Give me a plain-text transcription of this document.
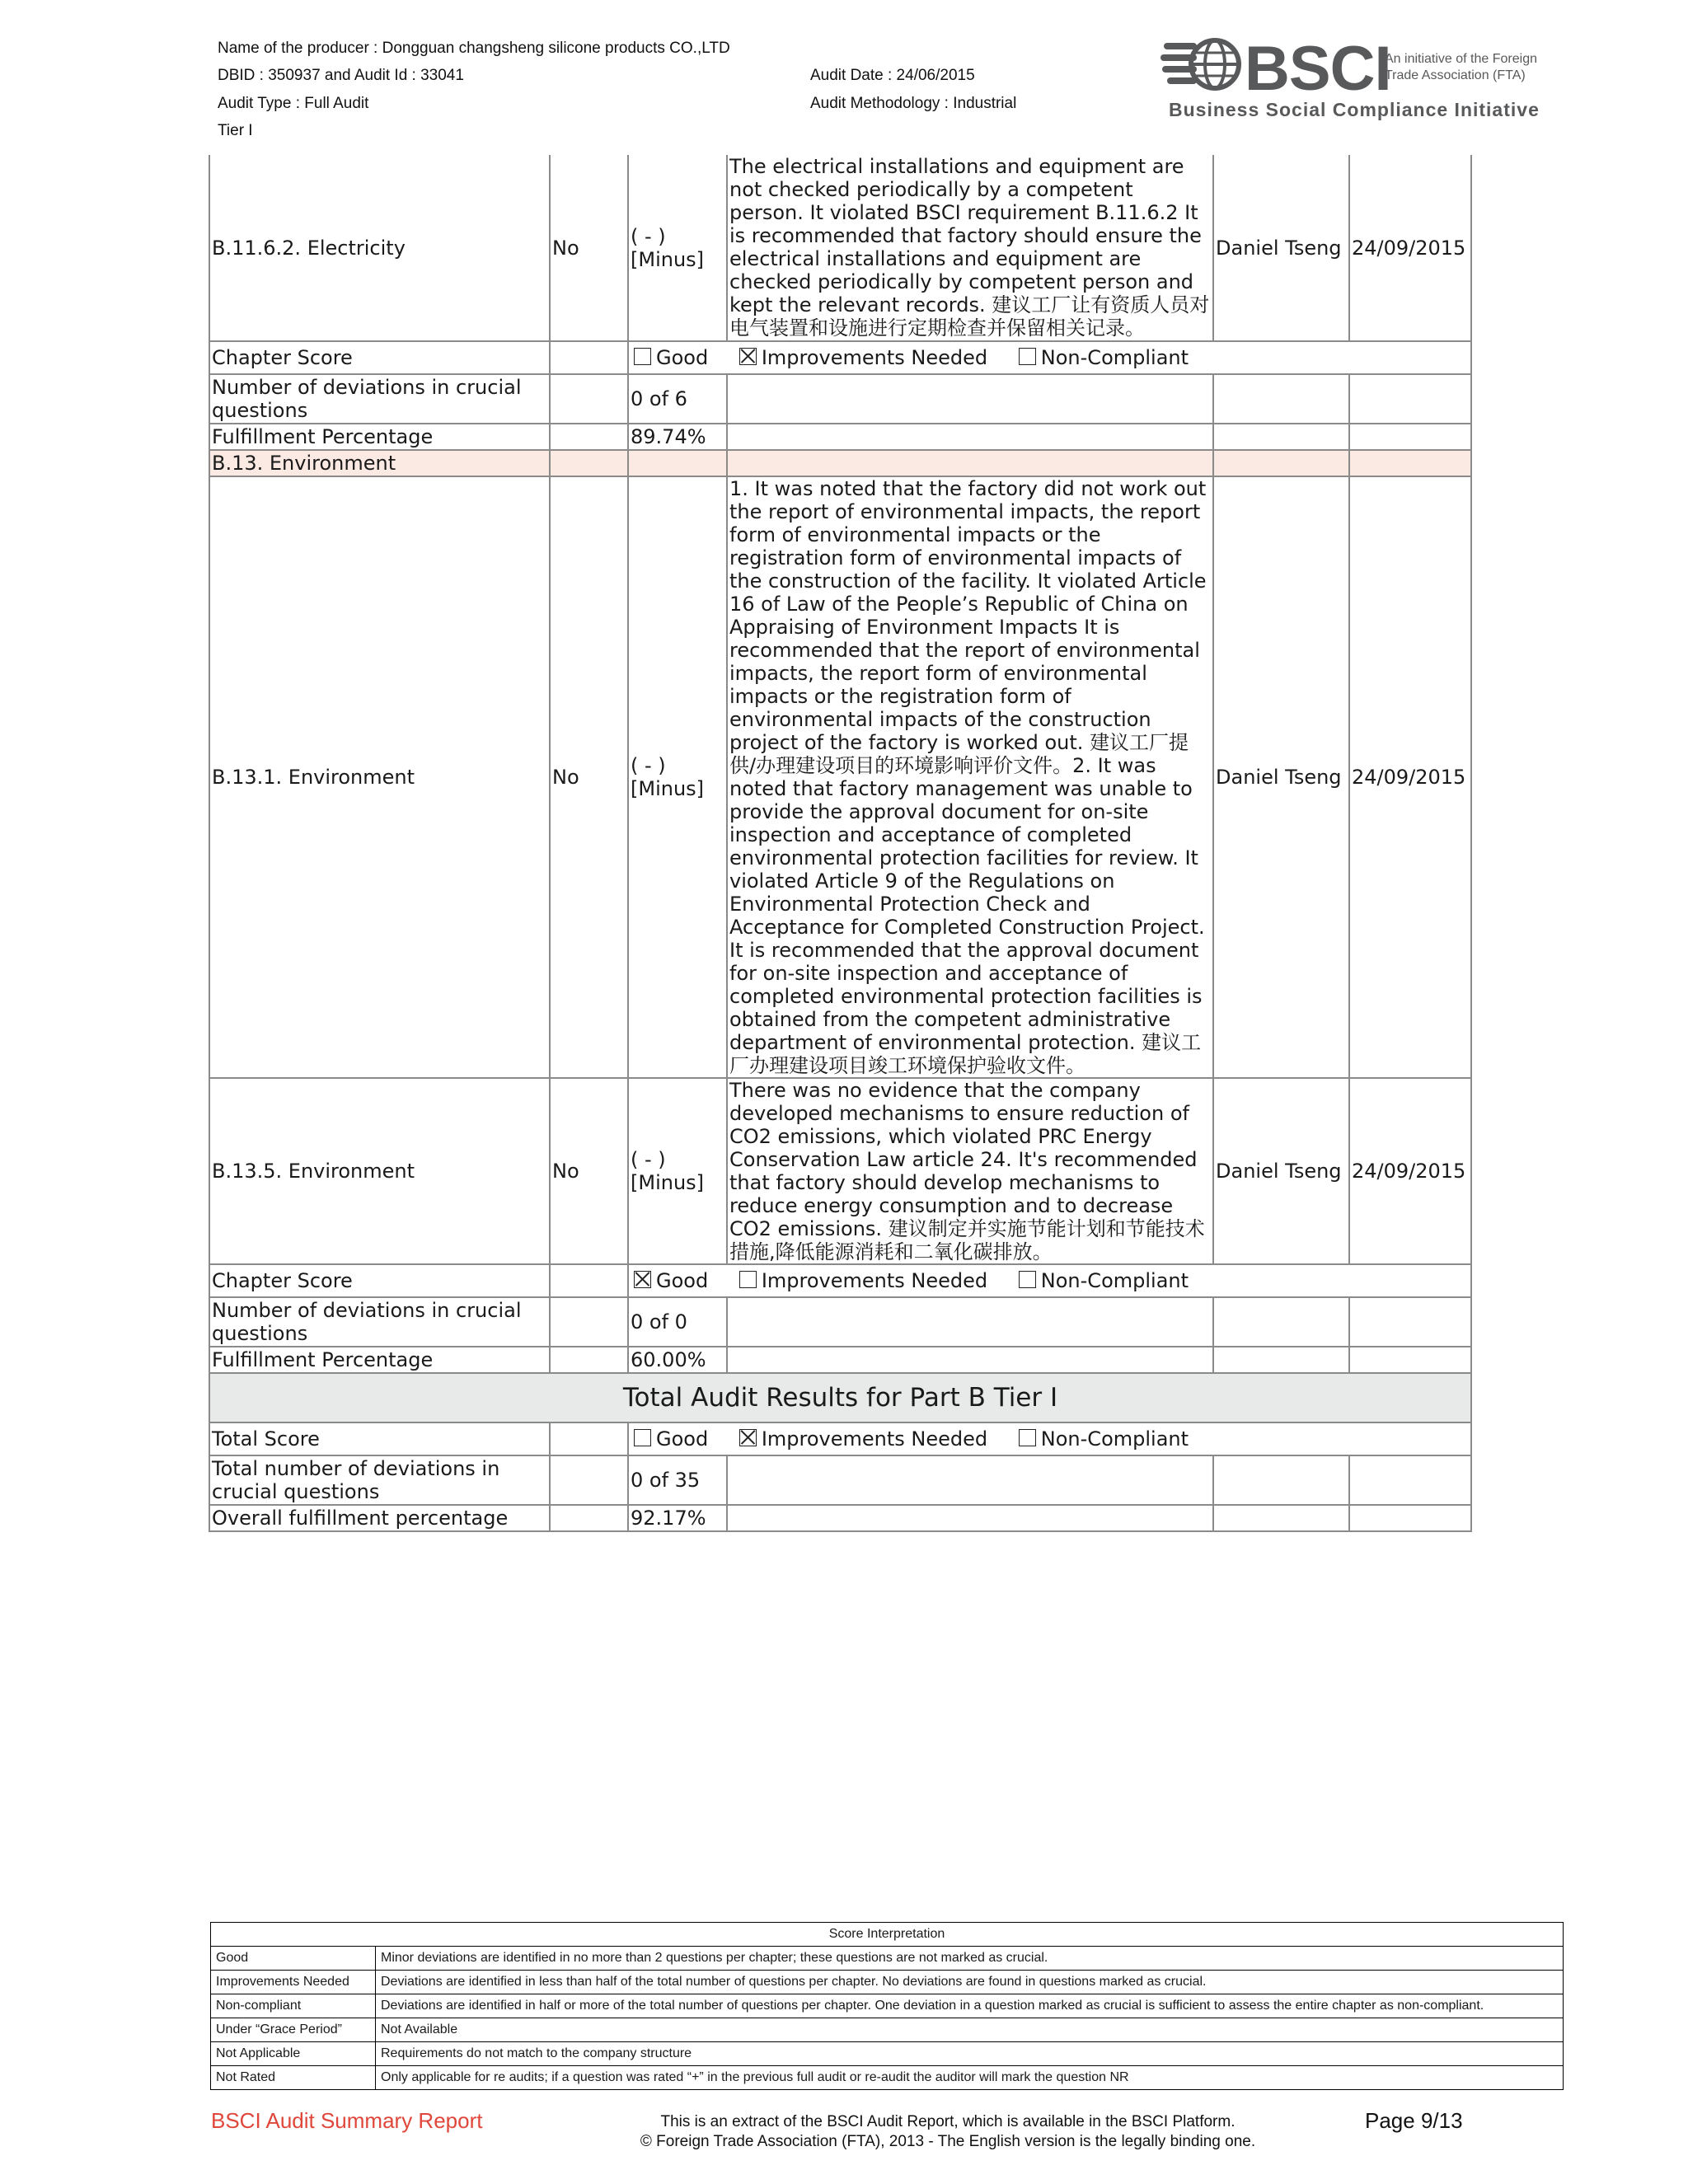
Name of the producer : Dongguan changsheng silicone products CO.,LTD
DBID : 350937 and Audit Id : 33041
Audit Type : Full Audit
Tier I
Audit Date : 24/06/2015
Audit Methodology : Industrial	BSCI
An initiative of the Foreign Trade Association (FTA)
Business Social Compliance Initiative
B.11.6.2. Electricity	No	( - ) [Minus]	The electrical installations and equipment are not checked periodically by a competent person. It violated BSCI requirement B.11.6.2 It is recommended that factory should ensure the electrical installations and equipment are checked periodically by competent person and kept the relevant records. 建议工厂让有资质人员对电气装置和设施进行定期检查并保留相关记录。	Daniel Tseng	24/09/2015
Chapter Score		Good Improvements Needed Non-Compliant			
Number of deviations in crucial questions		0 of 6			
Fulfillment Percentage		89.74%			
B.13. Environment					
B.13.1. Environment	No	( - ) [Minus]	1. It was noted that the factory did not work out the report of environmental impacts, the report form of environmental impacts or the registration form of environmental impacts of the construction of the facility. It violated Article 16 of Law of the People’s Republic of China on Appraising of Environment Impacts It is recommended that the report of environmental impacts, the report form of environmental impacts or the registration form of environmental impacts of the construction project of the factory is worked out. 建议工厂提供/办理建设项目的环境影响评价文件。2. It was noted that factory management was unable to provide the approval document for on-site inspection and acceptance of completed environmental protection facilities for review. It violated Article 9 of the Regulations on Environmental Protection Check and Acceptance for Completed Construction Project. It is recommended that the approval document for on-site inspection and acceptance of completed environmental protection facilities is obtained from the competent administrative department of environmental protection. 建议工厂办理建设项目竣工环境保护验收文件。	Daniel Tseng	24/09/2015
B.13.5. Environment	No	( - ) [Minus]	There was no evidence that the company developed mechanisms to ensure reduction of CO2 emissions, which violated PRC Energy Conservation Law article 24. It's recommended that factory should develop mechanisms to reduce energy consumption and to decrease CO2 emissions. 建议制定并实施节能计划和节能技术措施,降低能源消耗和二氧化碳排放。	Daniel Tseng	24/09/2015
Chapter Score		Good Improvements Needed Non-Compliant			
Number of deviations in crucial questions		0 of 0			
Fulfillment Percentage		60.00%			
Total Audit Results for Part B Tier I					
Total Score		Good Improvements Needed Non-Compliant			
Total number of deviations in crucial questions		0 of 35			
Overall fulfillment percentage		92.17%			
Score Interpretation	
Good	Minor deviations are identified in no more than 2 questions per chapter; these questions are not marked as crucial.
Improvements Needed	Deviations are identified in less than half of the total number of questions per chapter. No deviations are found in questions marked as crucial.
Non-compliant	Deviations are identified in half or more of the total number of questions per chapter. One deviation in a question marked as crucial is sufficient to assess the entire chapter as non-compliant.
Under “Grace Period”	Not Available
Not Applicable	Requirements do not match to the company structure
Not Rated	Only applicable for re audits; if a question was rated “+” in the previous full audit or re-audit the auditor will mark the question NR
BSCI Audit Summary Report	This is an extract of the BSCI Audit Report, which is available in the BSCI Platform.
© Foreign Trade Association (FTA), 2013 - The English version is the legally binding one.
Page 9/13
